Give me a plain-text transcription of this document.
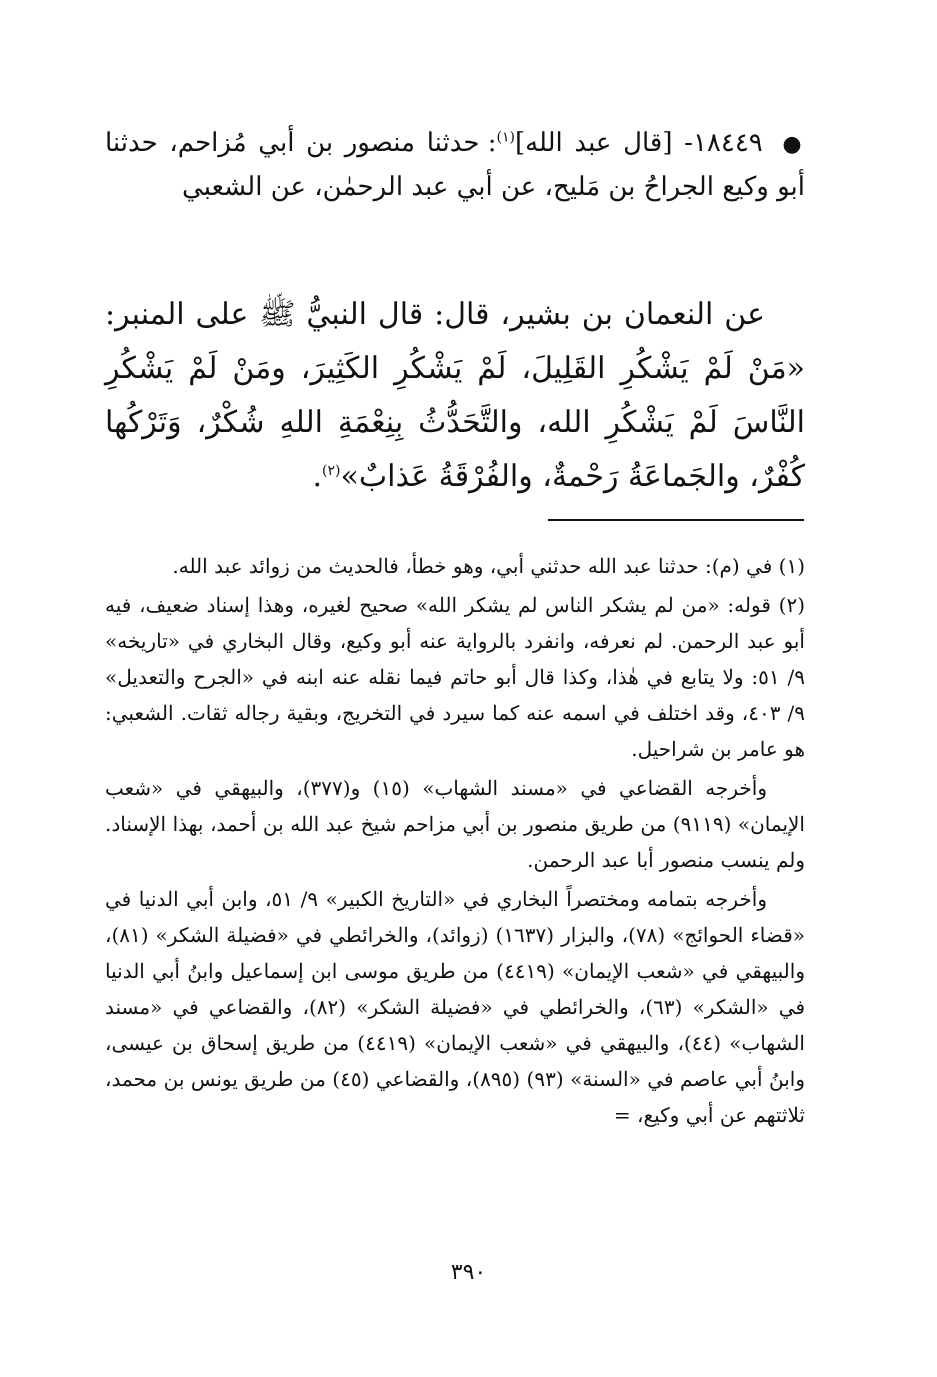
● ١٨٤٤٩- [قال عبد الله]$^{(١)}$: حدثنا منصور بن أبي مُزاحم، حدثنا أبو وكيع الجراحُ بن مَليح، عن أبي عبد الرحمٰن، عن الشعبي
عن النعمان بن بشير، قال: قال النبيُّ ﷺ على المنبر: «مَنْ لَمْ يَشْكُرِ القَلِيلَ، لَمْ يَشْكُرِ الكَثِيرَ، ومَنْ لَمْ يَشْكُرِ النَّاسَ لَمْ يَشْكُرِ الله، والتَّحَدُّثُ بِنِعْمَةِ اللهِ شُكْرٌ، وَتَرْكُها كُفْرٌ، والجَماعَةُ رَحْمةٌ، والفُرْقَةُ عَذابٌ»$^{(٢)}$.

(١) في (م): حدثنا عبد الله حدثني أبي، وهو خطأ، فالحديث من زوائد عبد الله.

(٢) قوله: «من لم يشكر الناس لم يشكر الله» صحيح لغيره، وهذا إسناد ضعيف، فيه أبو عبد الرحمن. لم نعرفه، وانفرد بالرواية عنه أبو وكيع، وقال البخاري في «تاريخه» ٩/ ٥١: ولا يتابع في هٰذا، وكذا قال أبو حاتم فيما نقله عنه ابنه في «الجرح والتعديل» ٩/ ٤٠٣، وقد اختلف في اسمه عنه كما سيرد في التخريج، وبقية رجاله ثقات. الشعبي: هو عامر بن شراحيل.

وأخرجه القضاعي في «مسند الشهاب» (١٥) و(٣٧٧)، والبيهقي في «شعب الإيمان» (٩١١٩) من طريق منصور بن أبي مزاحم شيخ عبد الله بن أحمد، بهذا الإسناد. ولم ينسب منصور أبا عبد الرحمن.

وأخرجه بتمامه ومختصراً البخاري في «التاريخ الكبير» ٩/ ٥١، وابن أبي الدنيا في «قضاء الحوائج» (٧٨)، والبزار (١٦٣٧) (زوائد)، والخرائطي في «فضيلة الشكر» (٨١)، والبيهقي في «شعب الإيمان» (٤٤١٩) من طريق موسى ابن إسماعيل وابنُ أبي الدنيا في «الشكر» (٦٣)، والخرائطي في «فضيلة الشكر» (٨٢)، والقضاعي في «مسند الشهاب» (٤٤)، والبيهقي في «شعب الإيمان» (٤٤١٩) من طريق إسحاق بن عيسى، وابنُ أبي عاصم في «السنة» (٩٣) (٨٩٥)، والقضاعي (٤٥) من طريق يونس بن محمد، ثلاثتهم عن أبي وكيع، =

٣٩٠
